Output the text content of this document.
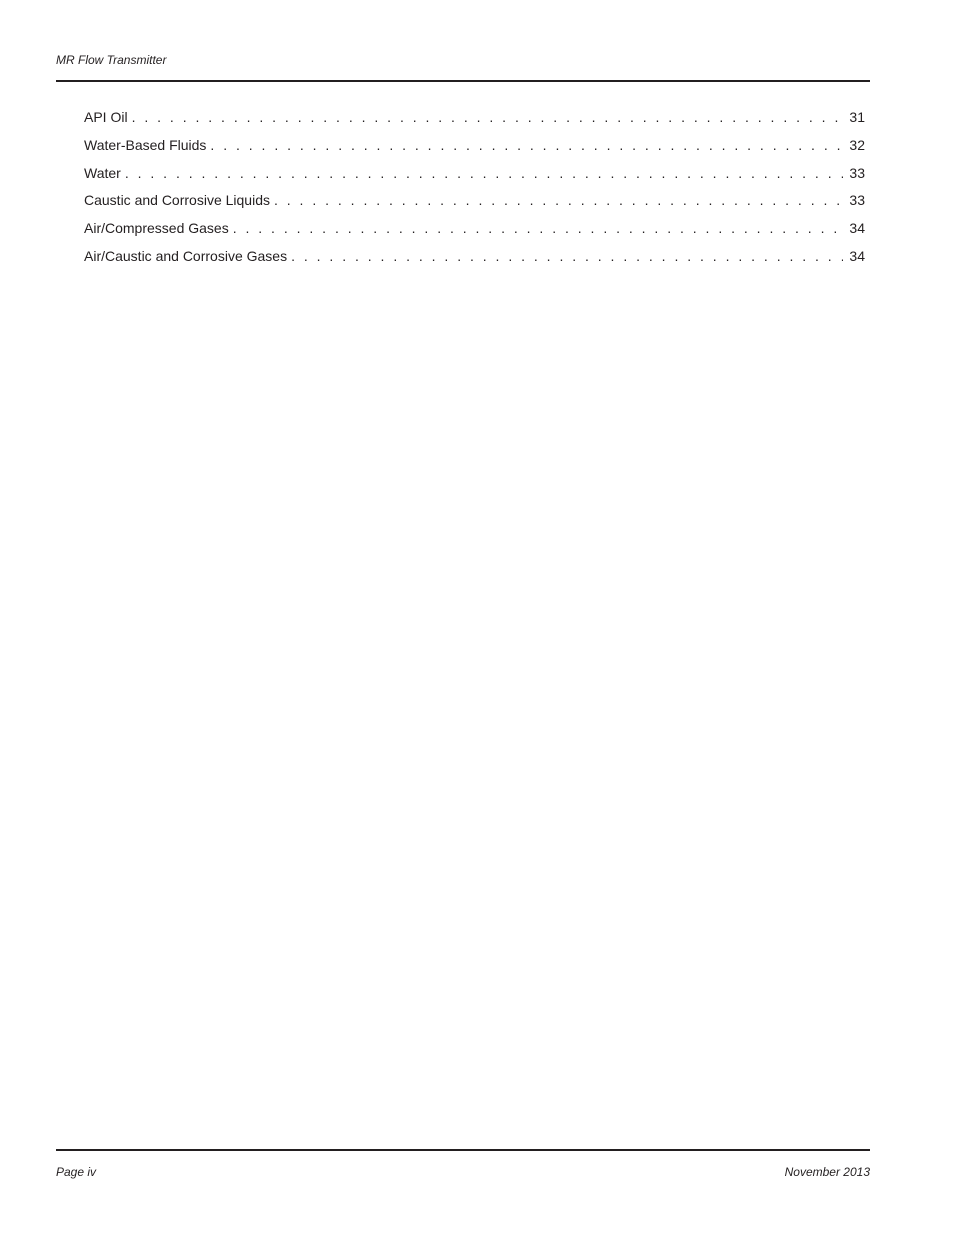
MR Flow Transmitter
API Oil . . .	31
Water-Based Fluids . . .	32
Water . . .	33
Caustic and Corrosive Liquids . . .	33
Air/Compressed Gases . . .	34
Air/Caustic and Corrosive Gases . . .	34
Page iv	November 2013
